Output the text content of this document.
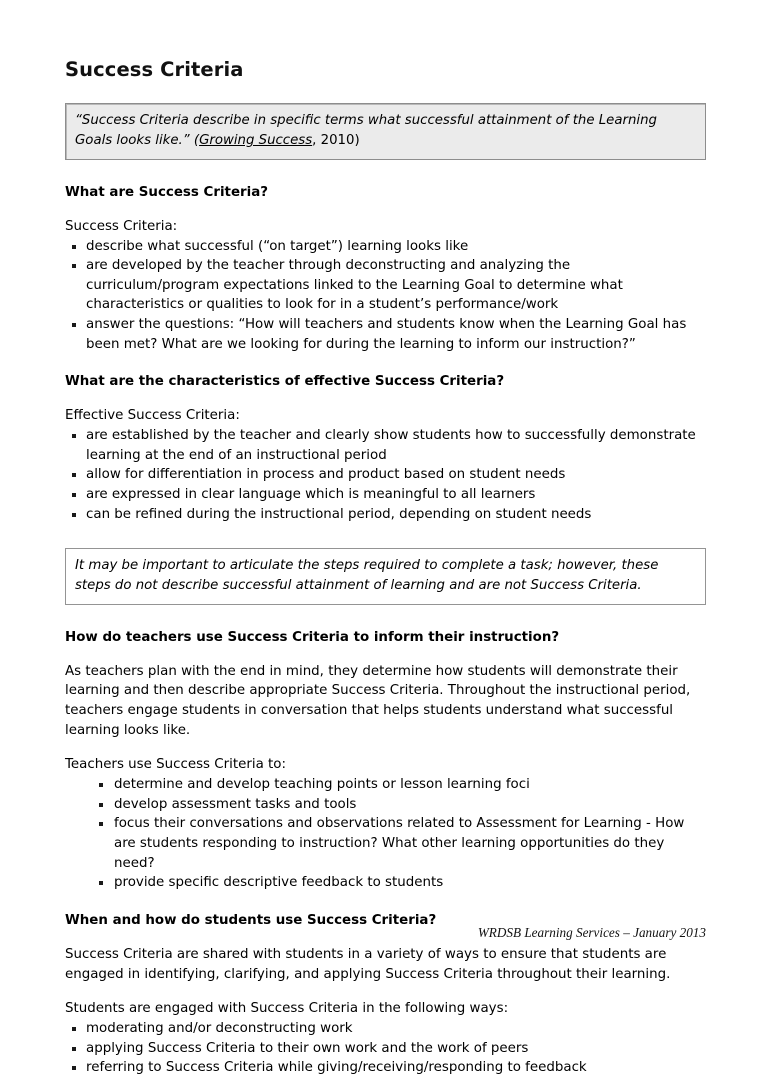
Success Criteria
“Success Criteria describe in specific terms what successful attainment of the Learning Goals looks like.” (Growing Success, 2010)
What are Success Criteria?

Success Criteria:

describe what successful (“on target”) learning looks like
are developed by the teacher through deconstructing and analyzing the curriculum/program expectations linked to the Learning Goal to determine what characteristics or qualities to look for in a student’s performance/work
answer the questions: “How will teachers and students know when the Learning Goal has been met? What are we looking for during the learning to inform our instruction?”
What are the characteristics of effective Success Criteria?

Effective Success Criteria:

are established by the teacher and clearly show students how to successfully demonstrate learning at the end of an instructional period
allow for differentiation in process and product based on student needs
are expressed in clear language which is meaningful to all learners
can be refined during the instructional period, depending on student needs
It may be important to articulate the steps required to complete a task; however, these steps do not describe successful attainment of learning and are not Success Criteria.
How do teachers use Success Criteria to inform their instruction?

As teachers plan with the end in mind, they determine how students will demonstrate their learning and then describe appropriate Success Criteria. Throughout the instructional period, teachers engage students in conversation that helps students understand what successful learning looks like.

Teachers use Success Criteria to:

determine and develop teaching points or lesson learning foci
develop assessment tasks and tools
focus their conversations and observations related to Assessment for Learning - How are students responding to instruction? What other learning opportunities do they need?
provide specific descriptive feedback to students
When and how do students use Success Criteria?

Success Criteria are shared with students in a variety of ways to ensure that students are engaged in identifying, clarifying, and applying Success Criteria throughout their learning.

Students are engaged with Success Criteria in the following ways:

moderating and/or deconstructing work
applying Success Criteria to their own work and the work of peers
referring to Success Criteria while giving/receiving/responding to feedback
WRDSB Learning Services – January 2013
